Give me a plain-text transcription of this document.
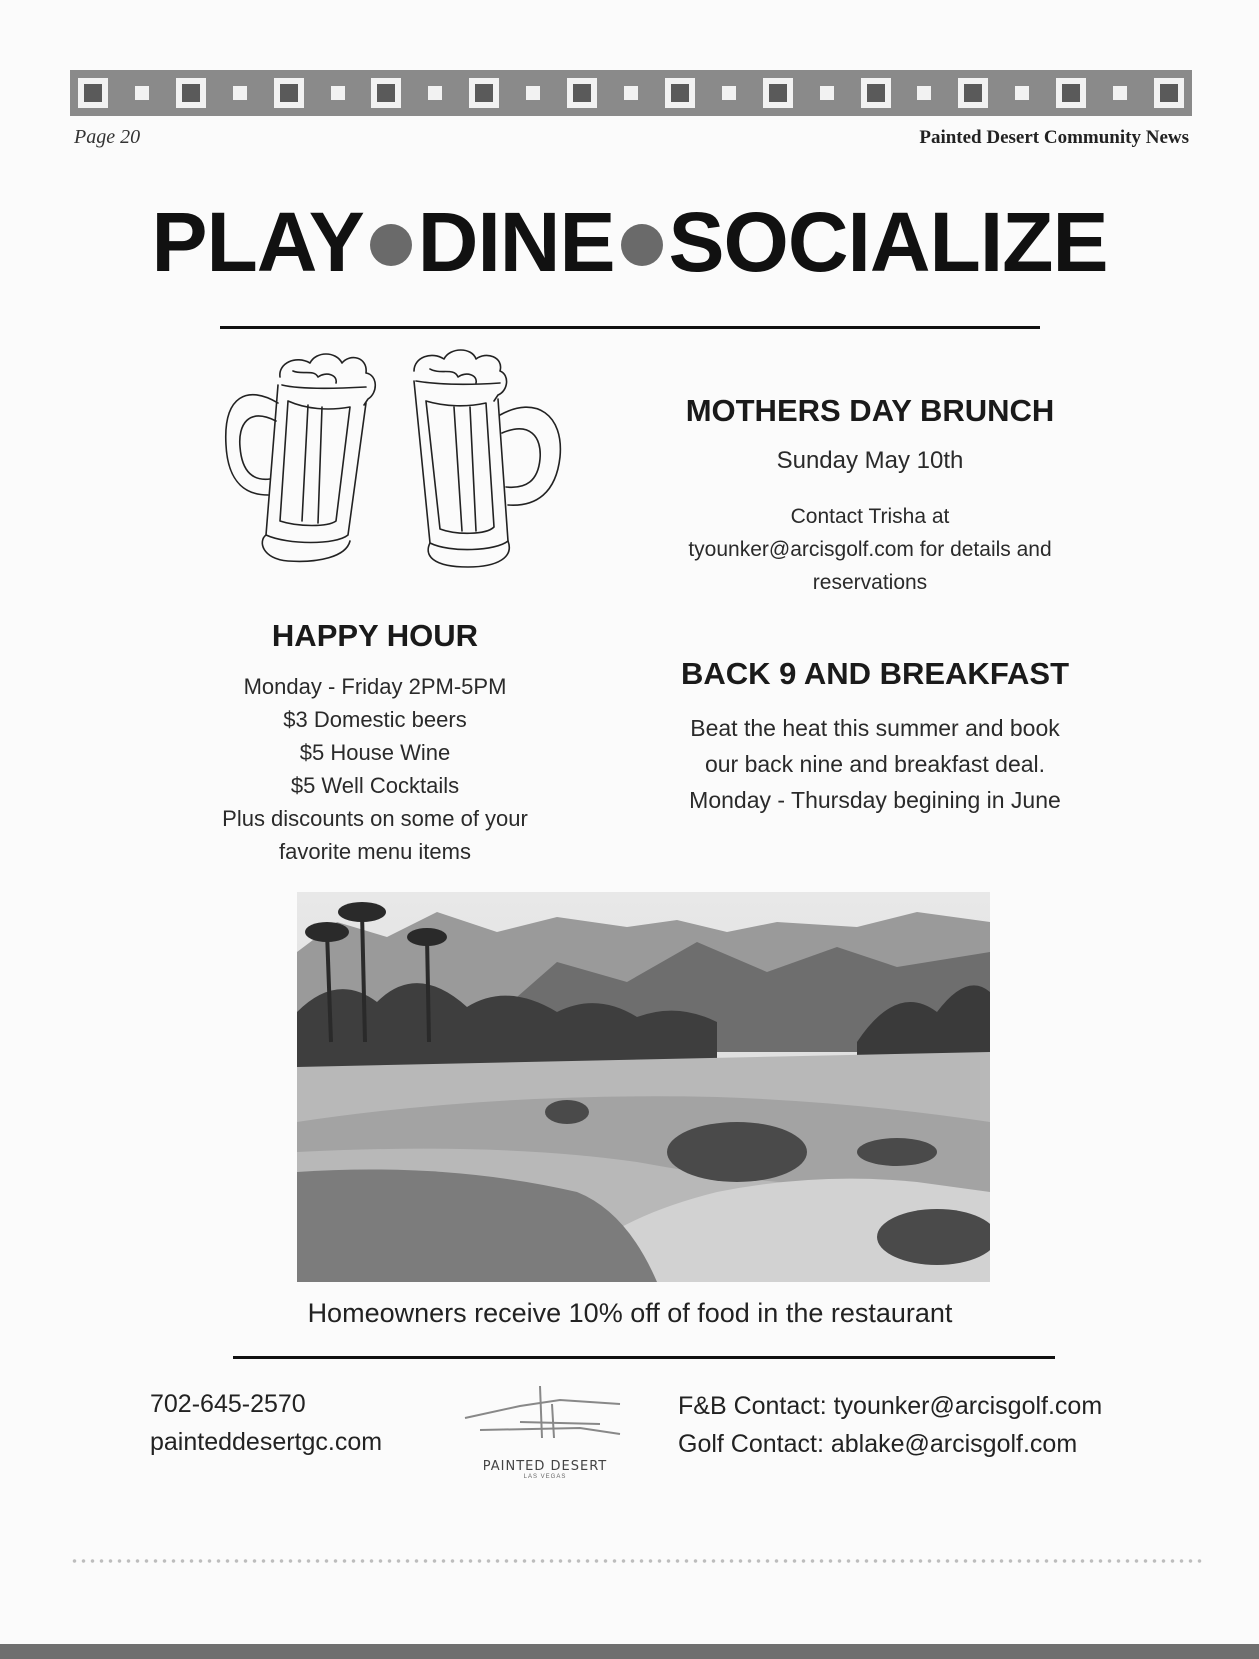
Page 20	Painted Desert Community News
PLAY DINE SOCIALIZE
MOTHERS DAY BRUNCH
Sunday May 10th
Contact Trisha at
tyounker@arcisgolf.com for details and
reservations
HAPPY HOUR
Monday - Friday 2PM-5PM
$3 Domestic beers
$5 House Wine
$5 Well Cocktails
Plus discounts on some of your
favorite menu items
BACK 9 AND BREAKFAST
Beat the heat this summer and book
our back nine and breakfast deal.
Monday - Thursday begining in June
Homeowners receive 10% off of food in the restaurant
702-645-2570
painteddesertgc.com
PAINTED DESERT
LAS VEGAS
F&B Contact: tyounker@arcisgolf.com
Golf Contact: ablake@arcisgolf.com
